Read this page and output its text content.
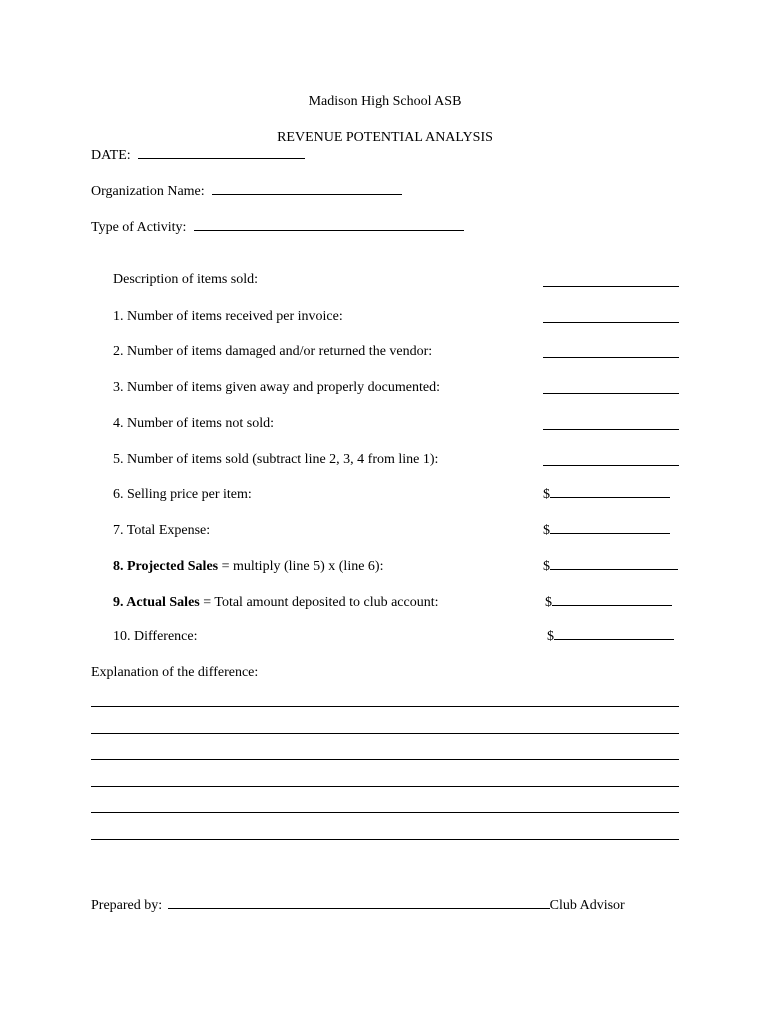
Madison High School ASB
REVENUE POTENTIAL ANALYSIS
DATE:
Organization Name:
Type of Activity:
Description of items sold:
1. Number of items received per invoice:
2. Number of items damaged and/or returned the vendor:
3. Number of items given away and properly documented:
4. Number of items not sold:
5. Number of items sold (subtract line 2, 3, 4 from line 1):
6. Selling price per item:
7. Total Expense:
8. Projected Sales = multiply (line 5) x (line 6):
9. Actual Sales = Total amount deposited to club account:
10. Difference:
$
$
$
$
$
Explanation of the difference:
Prepared by:	Club Advisor
